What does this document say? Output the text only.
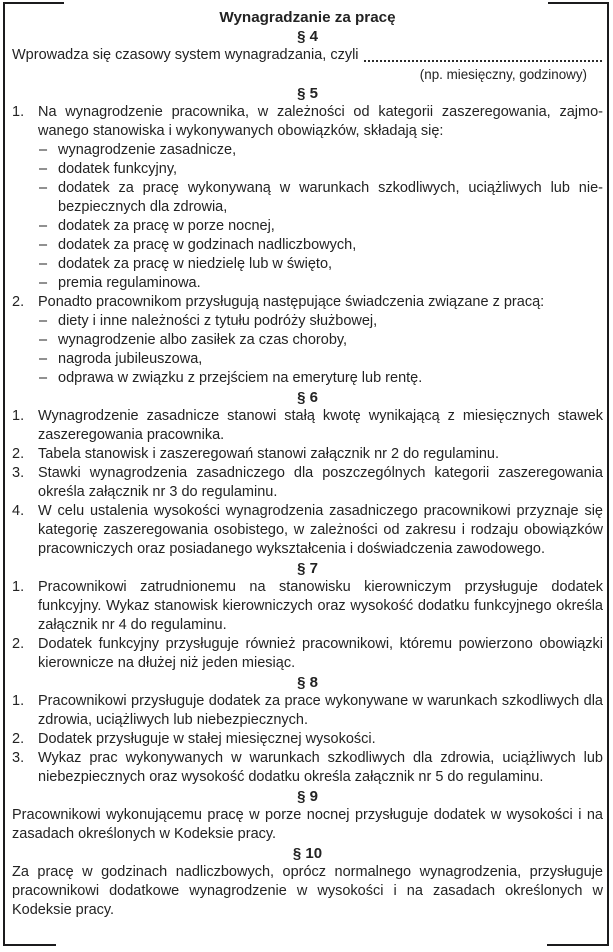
Wynagradzanie za pracę
§ 4
Wprowadza się czasowy system wynagradzania, czyli
(np. miesięczny, godzinowy)
§ 5
1. Na wynagrodzenie pracownika, w zależności od kategorii zaszeregowania, zajmowanego stanowiska i wykonywanych obowiązków, składają się:
– wynagrodzenie zasadnicze,
– dodatek funkcyjny,
– dodatek za pracę wykonywaną w warunkach szkodliwych, uciążliwych lub niebezpiecznych dla zdrowia,
– dodatek za pracę w porze nocnej,
– dodatek za pracę w godzinach nadliczbowych,
– dodatek za pracę w niedzielę lub w święto,
– premia regulaminowa.
2. Ponadto pracownikom przysługują następujące świadczenia związane z pracą:
– diety i inne należności z tytułu podróży służbowej,
– wynagrodzenie albo zasiłek za czas choroby,
– nagroda jubileuszowa,
– odprawa w związku z przejściem na emeryturę lub rentę.
§ 6
1. Wynagrodzenie zasadnicze stanowi stałą kwotę wynikającą z miesięcznych stawek zaszeregowania pracownika.
2. Tabela stanowisk i zaszeregowań stanowi załącznik nr 2 do regulaminu.
3. Stawki wynagrodzenia zasadniczego dla poszczególnych kategorii zaszeregowania określa załącznik nr 3 do regulaminu.
4. W celu ustalenia wysokości wynagrodzenia zasadniczego pracownikowi przyznaje się kategorię zaszeregowania osobistego, w zależności od zakresu i rodzaju obowiązków pracowniczych oraz posiadanego wykształcenia i doświadczenia zawodowego.
§ 7
1. Pracownikowi zatrudnionemu na stanowisku kierowniczym przysługuje dodatek funkcyjny. Wykaz stanowisk kierowniczych oraz wysokość dodatku funkcyjnego określa załącznik nr 4 do regulaminu.
2. Dodatek funkcyjny przysługuje również pracownikowi, któremu powierzono obowiązki kierownicze na dłużej niż jeden miesiąc.
§ 8
1. Pracownikowi przysługuje dodatek za prace wykonywane w warunkach szkodliwych dla zdrowia, uciążliwych lub niebezpiecznych.
2. Dodatek przysługuje w stałej miesięcznej wysokości.
3. Wykaz prac wykonywanych w warunkach szkodliwych dla zdrowia, uciążliwych lub niebezpiecznych oraz wysokość dodatku określa załącznik nr 5 do regulaminu.
§ 9
Pracownikowi wykonującemu pracę w porze nocnej przysługuje dodatek w wysokości i na zasadach określonych w Kodeksie pracy.
§ 10
Za pracę w godzinach nadliczbowych, oprócz normalnego wynagrodzenia, przysługuje pracownikowi dodatkowe wynagrodzenie w wysokości i na zasadach określonych w Kodeksie pracy.
